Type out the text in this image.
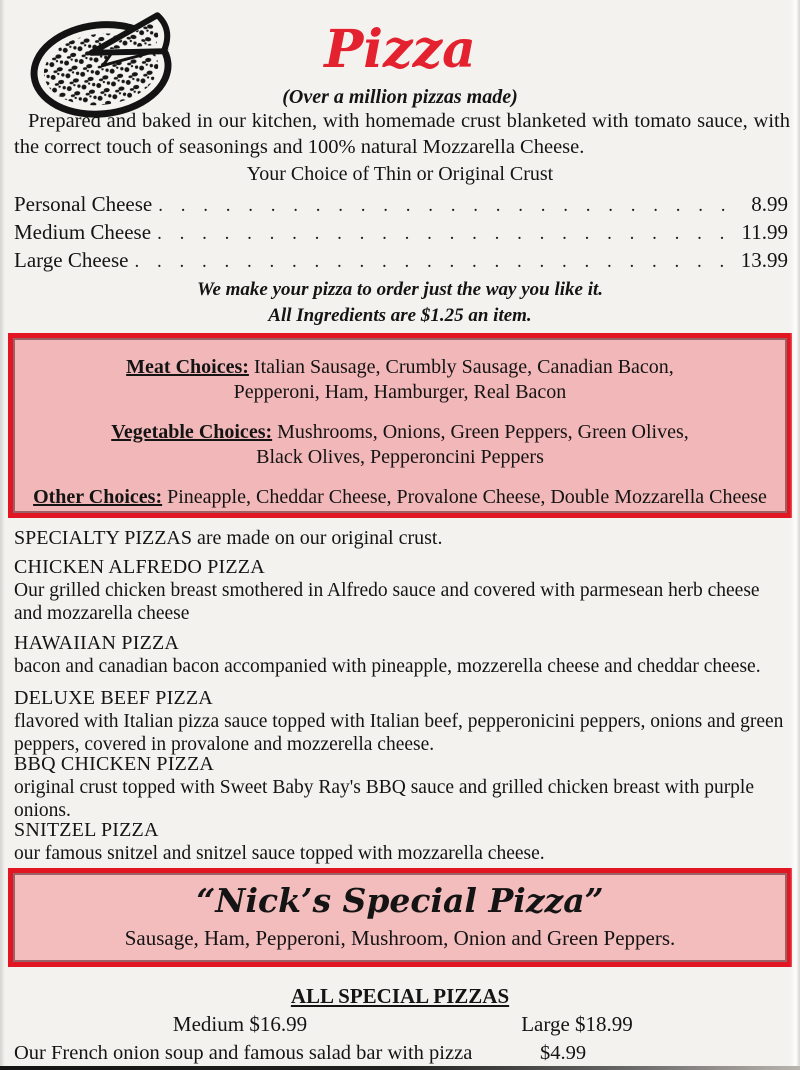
Pizza
(Over a million pizzas made)

Prepared and baked in our kitchen, with homemade crust blanketed with tomato sauce, with the correct touch of seasonings and 100% natural Mozzarella Cheese.

Your Choice of Thin or Original Crust
Personal Cheese . . .	8.99
Medium Cheese . . .	11.99
Large Cheese . . .	13.99
We make your pizza to order just the way you like it.
All Ingredients are $1.25 an item.
Meat Choices: Italian Sausage, Crumbly Sausage, Canadian Bacon,
Pepperoni, Ham, Hamburger, Real Bacon
Vegetable Choices: Mushrooms, Onions, Green Peppers, Green Olives,
Black Olives, Pepperoncini Peppers
Other Choices: Pineapple, Cheddar Cheese, Provalone Cheese, Double Mozzarella Cheese
SPECIALTY PIZZAS are made on our original crust.
CHICKEN ALFREDO PIZZA
Our grilled chicken breast smothered in Alfredo sauce and covered with parmesean herb cheese and mozzarella cheese
HAWAIIAN PIZZA
bacon and canadian bacon accompanied with pineapple, mozzerella cheese and cheddar cheese.
DELUXE BEEF PIZZA
flavored with Italian pizza sauce topped with Italian beef, pepperonicini peppers, onions and green peppers, covered in provalone and mozzerella cheese.
BBQ CHICKEN PIZZA
original crust topped with Sweet Baby Ray's BBQ sauce and grilled chicken breast with purple onions.
SNITZEL PIZZA
our famous snitzel and snitzel sauce topped with mozzarella cheese.
“Nick’s Special Pizza”
Sausage, Ham, Pepperoni, Mushroom, Onion and Green Peppers.
ALL SPECIAL PIZZAS
Medium $16.99	Large $18.99
Our French onion soup and famous salad bar with pizza	$4.99
